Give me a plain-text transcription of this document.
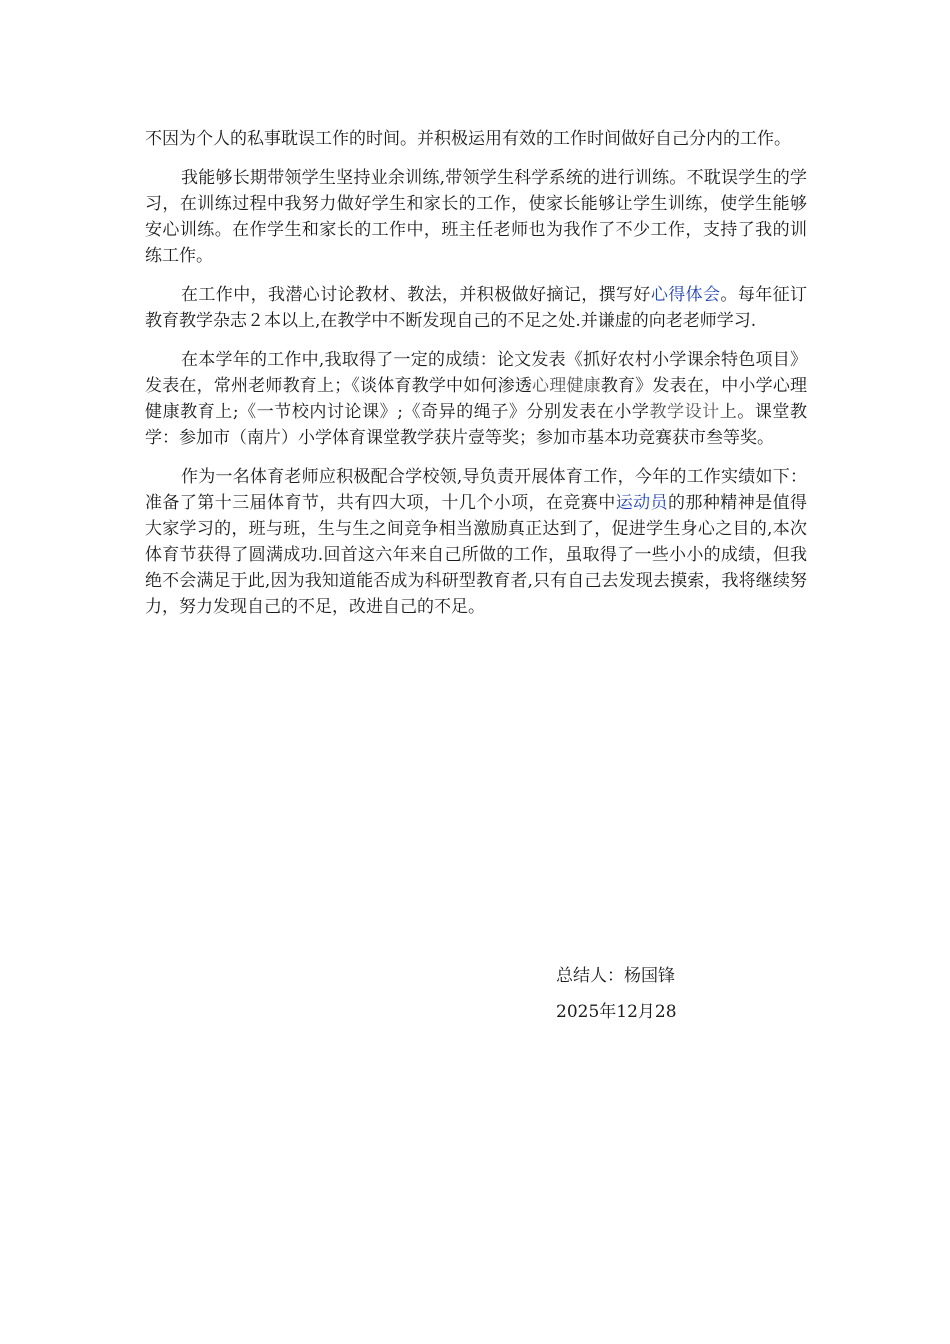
不因为个人的私事耽误工作的时间。并积极运用有效的工作时间做好自己分内的工作。

我能够长期带领学生坚持业余训练,带领学生科学系统的进行训练。不耽误学生的学习，在训练过程中我努力做好学生和家长的工作，使家长能够让学生训练，使学生能够安心训练。在作学生和家长的工作中，班主任老师也为我作了不少工作，支持了我的训练工作。

在工作中，我潜心讨论教材、教法，并积极做好摘记，撰写好心得体会。每年征订教育教学杂志２本以上,在教学中不断发现自己的不足之处.并谦虚的向老老师学习.

在本学年的工作中,我取得了一定的成绩：论文发表《抓好农村小学课余特色项目》发表在，常州老师教育上；《谈体育教学中如何渗透心理健康教育》发表在，中小学心理健康教育上;《一节校内讨论课》;《奇异的绳子》分别发表在小学教学设计上。课堂教学：参加市（南片）小学体育课堂教学获片壹等奖；参加市基本功竞赛获市叁等奖。

作为一名体育老师应积极配合学校领,导负责开展体育工作，今年的工作实绩如下：准备了第十三届体育节，共有四大项，十几个小项，在竞赛中运动员的那种精神是值得大家学习的，班与班，生与生之间竞争相当激励真正达到了，促进学生身心之目的,本次体育节获得了圆满成功.回首这六年来自己所做的工作，虽取得了一些小小的成绩，但我绝不会满足于此,因为我知道能否成为科研型教育者,只有自己去发现去摸索，我将继续努力，努力发现自己的不足，改进自己的不足。

总结人：杨国锋

2025年12月28
